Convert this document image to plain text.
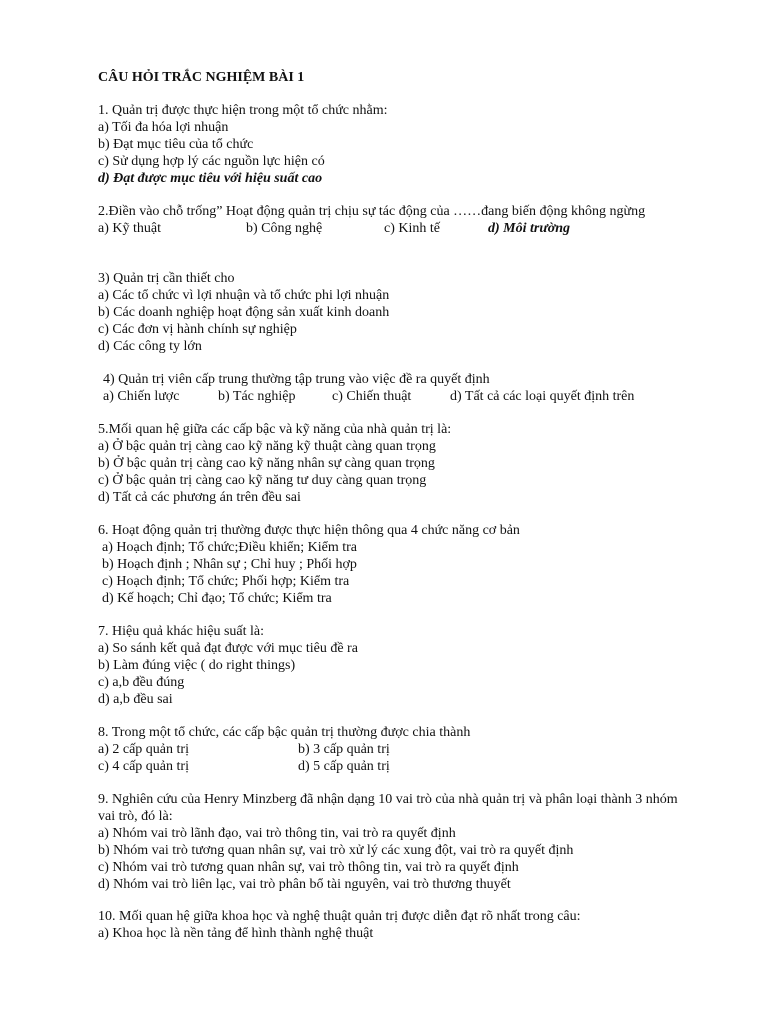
CÂU HỎI TRẮC NGHIỆM BÀI 1
1. Quản trị được thực hiện trong một tổ chức nhằm:
a) Tối đa hóa lợi nhuận
b) Đạt mục tiêu của tổ chức
c) Sử dụng hợp lý các nguồn lực hiện có
d) Đạt được mục tiêu với hiệu suất cao
2.Điền vào chỗ trống” Hoạt động quản trị chịu sự tác động của ……đang biến động không ngừng
a) Kỹ thuật	b) Công nghệ	c) Kinh tế	d) Môi trường
3) Quản trị cần thiết cho
a) Các tổ chức vì lợi nhuận và tổ chức phi lợi nhuận
b) Các doanh nghiệp hoạt động sản xuất kinh doanh
c) Các đơn vị hành chính sự nghiệp
d) Các công ty lớn
4) Quản trị viên cấp trung thường tập trung vào việc đề ra quyết định
a) Chiến lược	b) Tác nghiệp	c) Chiến thuật	d) Tất cả các loại quyết định trên
5.Mối quan hệ giữa các cấp bậc và kỹ năng của nhà quản trị là:
a) Ở bậc quản trị càng cao kỹ năng kỹ thuật càng quan trọng
b) Ở bậc quản trị càng cao kỹ năng nhân sự càng quan trọng
c) Ở bậc quản trị càng cao kỹ năng tư duy càng quan trọng
d) Tất cả các phương án trên đều sai
6. Hoạt động quản trị thường được thực hiện thông qua 4 chức năng cơ bản
a) Hoạch định; Tổ chức;Điều khiển; Kiểm tra
b) Hoạch định ; Nhân sự ; Chỉ huy ; Phối hợp
c) Hoạch định; Tổ chức; Phối hợp; Kiểm tra
d) Kế hoạch; Chỉ đạo; Tổ chức; Kiểm tra
7. Hiệu quả khác hiệu suất là:
a) So sánh kết quả đạt được với mục tiêu đề ra
b) Làm đúng việc ( do right things)
c) a,b đều đúng
d) a,b đều sai
8. Trong một tổ chức, các cấp bậc quản trị thường được chia thành
a) 2 cấp quản trị	b) 3 cấp quản trị
c) 4 cấp quản trị	d) 5 cấp quản trị
9. Nghiên cứu của Henry Minzberg đã nhận dạng 10 vai trò của nhà quản trị và phân loại thành 3 nhóm vai trò, đó là:
a) Nhóm vai trò lãnh đạo, vai trò thông tin, vai trò ra quyết định
b) Nhóm vai trò tương quan nhân sự, vai trò xử lý các xung đột, vai trò ra quyết định
c) Nhóm vai trò tương quan nhân sự, vai trò thông tin, vai trò ra quyết định
d) Nhóm vai trò liên lạc, vai trò phân bổ tài nguyên, vai trò thương thuyết
10. Mối quan hệ giữa khoa học và nghệ thuật quản trị được diễn đạt rõ nhất trong câu:
a) Khoa học là nền tảng để hình thành nghệ thuật
